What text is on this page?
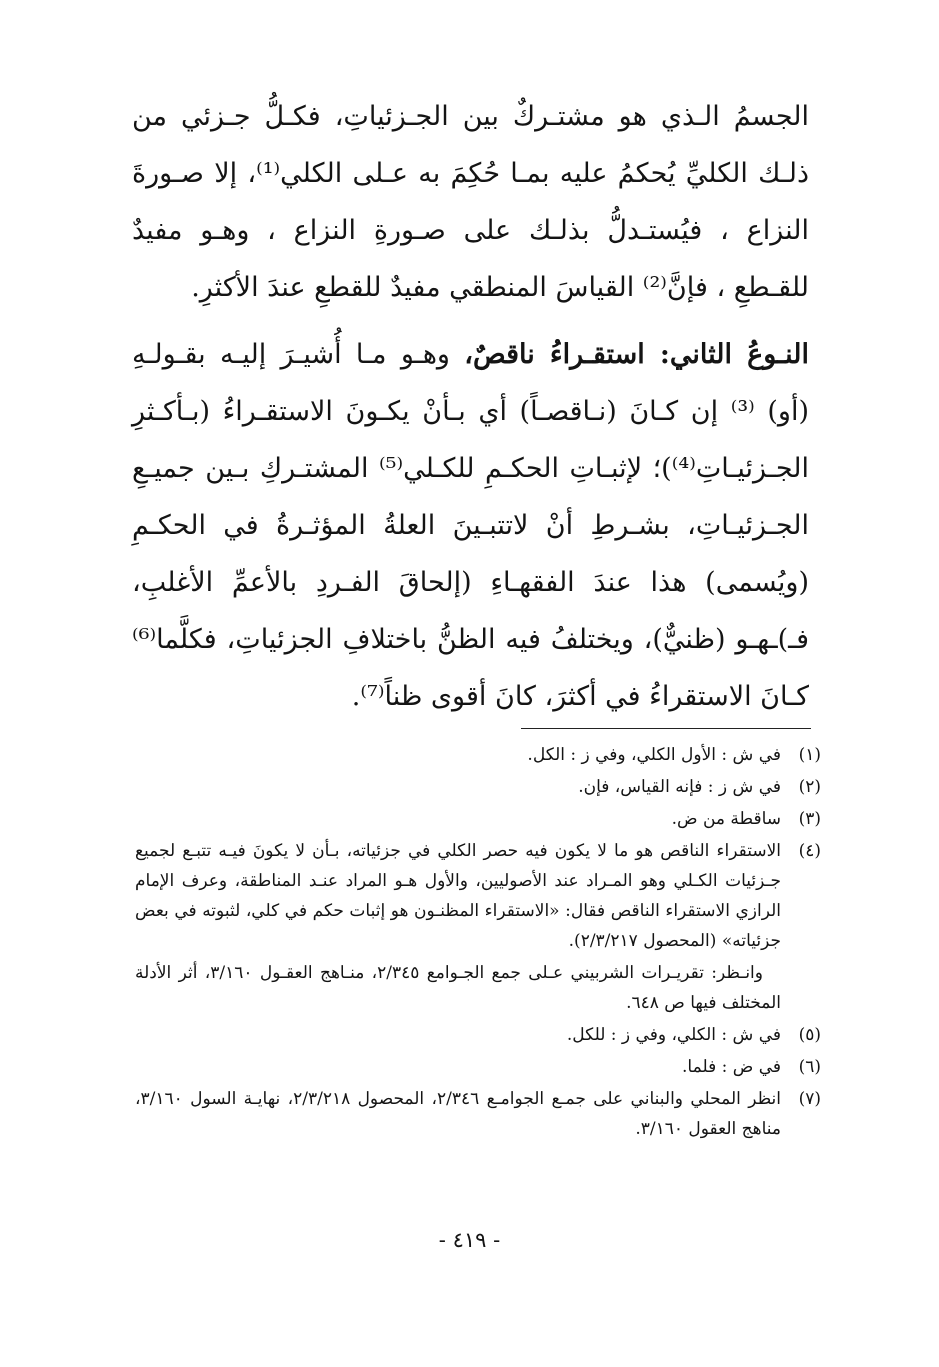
الجسمُ الـذي هو مشتـركٌ بين الجـزئياتِ، فكـلُّ جـزئي من ذلـك الكليِّ يُحكمُ عليه بمـا حُكِمَ به عـلى الكلي⁽¹⁾، إلا صـورةَ النزاع ، فيُستـدلُّ بذلـك على صـورةِ النزاع ، وهـو مفيدٌ للقـطعِ ، فإنَّ⁽²⁾ القياسَ المنطقي مفيدٌ للقطعِ عندَ الأكثرِ.

النـوعُ الثاني: استقـراءُ ناقصٌ، وهـو مـا أُشيـرَ إليـه بقـولـهِ (أو) ⁽³⁾ إن كـانَ (نـاقصـاً) أي بـأنْ يكـونَ الاستقـراءُ (بـأكـثرِ الجـزئيـاتِ⁽⁴⁾)؛ لإثبـاتِ الحكـمِ للكـلي⁽⁵⁾ المشتـركِ بـين جميـعِ الجـزئيـاتِ، بشـرطِ أنْ لاتتبـينَ العلةُ المؤثـرةُ في الحكـمِ (ويُسمى) هذا عندَ الفقهـاءِ (إلحاقَ الفـردِ بالأعمِّ الأغلبِ، فـ)ـهـو (ظنيٌّ)، ويختلفُ فيه الظنُّ باختلافِ الجزئياتِ، فكلَّما⁽⁶⁾ كـانَ الاستقراءُ في أكثرَ، كانَ أقوى ظناً⁽⁷⁾.

(١)
في ش : الأول الكلي، وفي ز : الكل.
(٢)
في ش ز : فإنه القياس، فإن.
(٣)
ساقطة من ض.
(٤)
الاستقراء الناقص هو ما لا يكون فيه حصر الكلي في جزئياته، بـأن لا يكونَ فيـه تتبـع لجميع جـزئيات الكـلي وهو المـراد عند الأصوليين، والأول هـو المراد عنـد المناطقة، وعرف الإمام الرازي الاستقراء الناقص فقال: «الاستقراء المظنـون هو إثبات حكم في كلي، لثبوته في بعض جزئياته» (المحصول ٢/٣/٢١٧).
وانـظر: تقريـرات الشربيني عـلى جمع الجـوامع ٢/٣٤٥، منـاهج العقـول ٣/١٦٠، أثر الأدلة المختلف فيها ص ٦٤٨.
(٥)
في ش : الكلي، وفي ز : للكل.
(٦)
في ض : فلما.
(٧)
انظر المحلي والبناني على جمـع الجوامـع ٢/٣٤٦، المحصول ٢/٣/٢١٨، نهايـة السول ٣/١٦٠، مناهج العقول ٣/١٦٠.
- ٤١٩ -
